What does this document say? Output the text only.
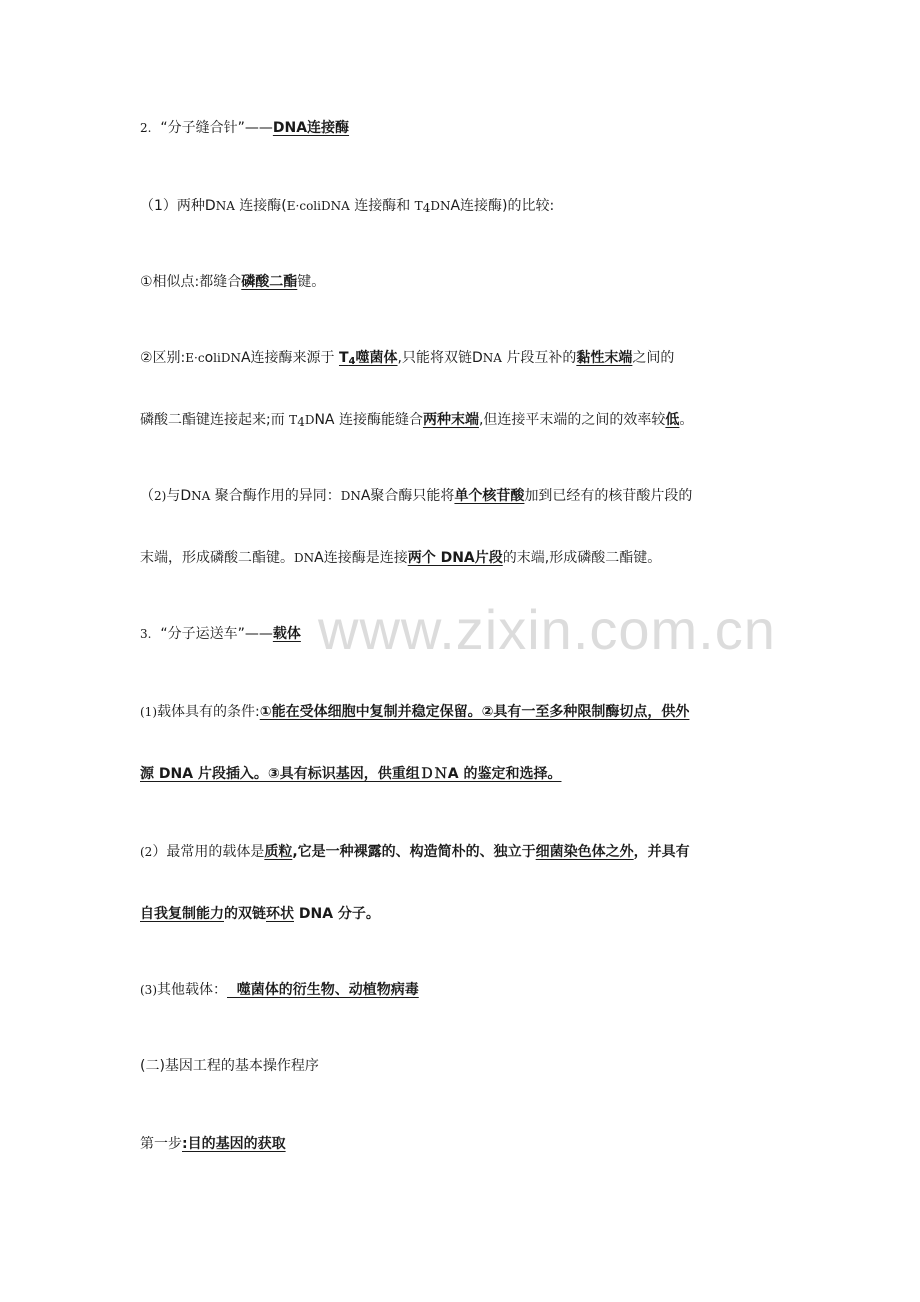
www.zixin.com.cn
2. “分子缝合针”——DNA连接酶
（1）两种DNA 连接酶(E·coliDNA 连接酶和 T4DNA连接酶)的比较:
①相似点:都缝合磷酸二酯键。
②区别:E·coliDNA连接酶来源于 $T_4$噬菌体,只能将双链DNA 片段互补的黏性末端之间的
磷酸二酯键连接起来;而 T4DNA 连接酶能缝合两种末端,但连接平末端的之间的效率较低。
（2)与DNA 聚合酶作用的异同：DNA聚合酶只能将单个核苷酸加到已经有的核苷酸片段的
末端，形成磷酸二酯键。DNA连接酶是连接两个 DNA片段的末端,形成磷酸二酯键。
3. “分子运送车”——载体
(1)载体具有的条件:①能在受体细胞中复制并稳定保留。②具有一至多种限制酶切点，供外
源 DNA 片段插入。③具有标识基因，供重组ＤＮA 的鉴定和选择。
(2）最常用的载体是质粒,它是一种裸露的、构造简朴的、独立于细菌染色体之外，并具有
自我复制能力的双链环状 DNA 分子。
(3)其他载体：  噬菌体的衍生物、动植物病毒
(二)基因工程的基本操作程序
第一步:目的基因的获取
